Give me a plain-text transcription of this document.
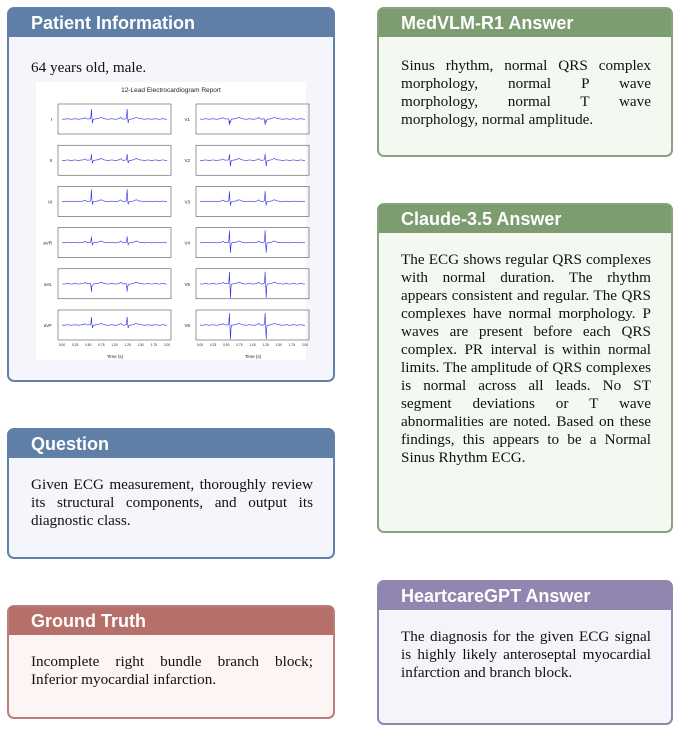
Patient Information
64 years old, male.
12-Lead Electrocardiogram Report
Time (s)	Time (s)
I
II
III
aVR
aVL
aVF
0.00 0.25 0.50 0.75 1.00 1.25 1.50 1.75 2.00
V1
V2
V3
V4
V5
V6
0.00 0.25 0.50 0.75 1.00 1.25 1.50 1.75 2.00
Question
Given ECG measurement, thoroughly review its structural components, and output its diagnostic class.
Ground Truth
Incomplete right bundle branch block; Inferior myocardial infarction.
MedVLM-R1 Answer
Sinus rhythm, normal QRS complex morphology, normal P wave morphology, normal T wave morphology, normal amplitude.
Claude-3.5 Answer
The ECG shows regular QRS complexes with normal duration. The rhythm appears consistent and regular. The QRS complexes have normal morphology. P waves are present before each QRS complex. PR interval is within normal limits. The amplitude of QRS complexes is normal across all leads. No ST segment deviations or T wave abnormalities are noted. Based on these findings, this appears to be a Normal Sinus Rhythm ECG.
HeartcareGPT Answer
The diagnosis for the given ECG signal is highly likely anteroseptal myocardial infarction and branch block.
